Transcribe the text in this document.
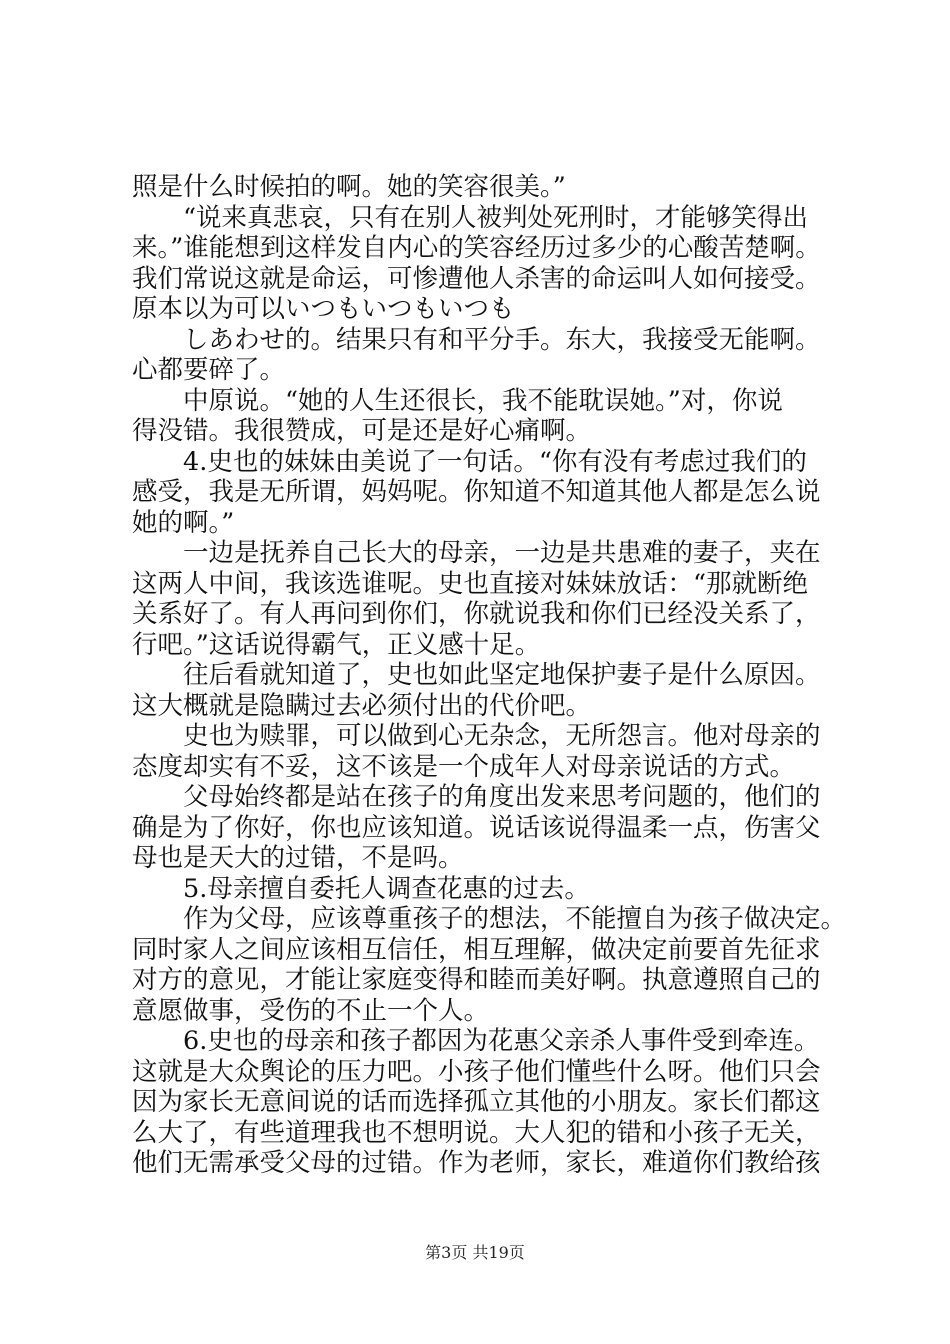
照是什么时候拍的啊。她的笑容很美。”
“说来真悲哀，只有在别人被判处死刑时，才能够笑得出
来。”谁能想到这样发自内心的笑容经历过多少的心酸苦楚啊。
我们常说这就是命运，可惨遭他人杀害的命运叫人如何接受。
原本以为可以いつもいつもいつも
しあわせ的。结果只有和平分手。东大，我接受无能啊。
心都要碎了。
中原说。“她的人生还很长，我不能耽误她。”对，你说
得没错。我很赞成，可是还是好心痛啊。
4.史也的妹妹由美说了一句话。“你有没有考虑过我们的
感受，我是无所谓，妈妈呢。你知道不知道其他人都是怎么说
她的啊。”
一边是抚养自己长大的母亲，一边是共患难的妻子，夹在
这两人中间，我该选谁呢。史也直接对妹妹放话：“那就断绝
关系好了。有人再问到你们，你就说我和你们已经没关系了，
行吧。”这话说得霸气，正义感十足。
往后看就知道了，史也如此坚定地保护妻子是什么原因。
这大概就是隐瞒过去必须付出的代价吧。
史也为赎罪，可以做到心无杂念，无所怨言。他对母亲的
态度却实有不妥，这不该是一个成年人对母亲说话的方式。
父母始终都是站在孩子的角度出发来思考问题的，他们的
确是为了你好，你也应该知道。说话该说得温柔一点，伤害父
母也是天大的过错，不是吗。
5.母亲擅自委托人调查花惠的过去。
作为父母，应该尊重孩子的想法，不能擅自为孩子做决定。
同时家人之间应该相互信任，相互理解，做决定前要首先征求
对方的意见，才能让家庭变得和睦而美好啊。执意遵照自己的
意愿做事，受伤的不止一个人。
6.史也的母亲和孩子都因为花惠父亲杀人事件受到牵连。
这就是大众舆论的压力吧。小孩子他们懂些什么呀。他们只会
因为家长无意间说的话而选择孤立其他的小朋友。家长们都这
么大了，有些道理我也不想明说。大人犯的错和小孩子无关，
他们无需承受父母的过错。作为老师，家长，难道你们教给孩
第3页 共19页
